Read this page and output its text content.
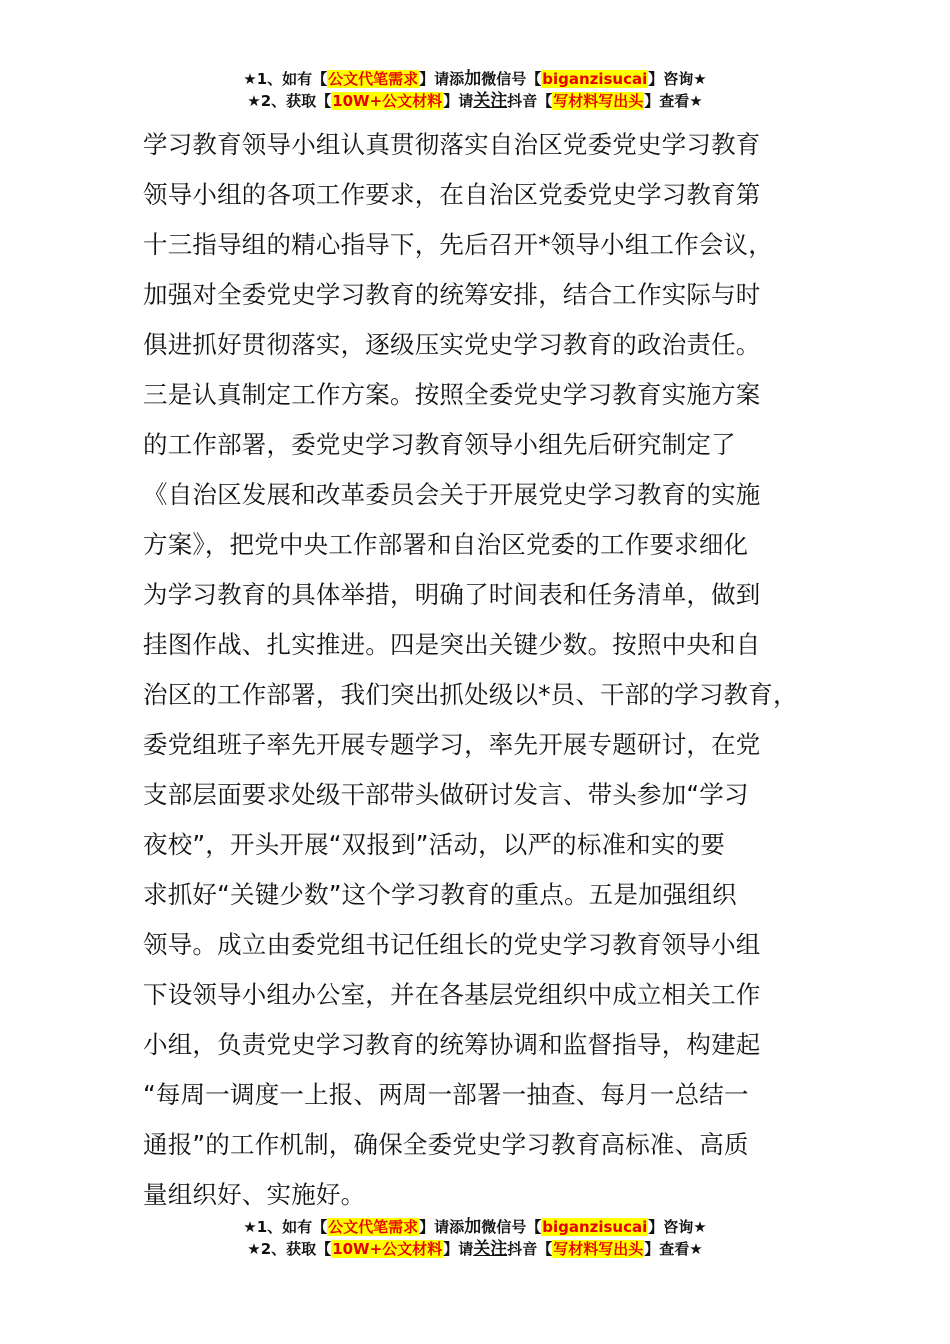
★1、如有【公文代笔需求】请添加微信号【biganzisucai】咨询★
★2、获取【10W+公文材料】请关注抖音【写材料写出头】查看★
学习教育领导小组认真贯彻落实自治区党委党史学习教育
领导小组的各项工作要求，在自治区党委党史学习教育第
十三指导组的精心指导下，先后召开*领导小组工作会议，
加强对全委党史学习教育的统筹安排，结合工作实际与时
俱进抓好贯彻落实，逐级压实党史学习教育的政治责任。
三是认真制定工作方案。按照全委党史学习教育实施方案
的工作部署，委党史学习教育领导小组先后研究制定了
《自治区发展和改革委员会关于开展党史学习教育的实施
方案》，把党中央工作部署和自治区党委的工作要求细化
为学习教育的具体举措，明确了时间表和任务清单，做到
挂图作战、扎实推进。四是突出关键少数。按照中央和自
治区的工作部署，我们突出抓处级以*员、干部的学习教育，
委党组班子率先开展专题学习，率先开展专题研讨，在党
支部层面要求处级干部带头做研讨发言、带头参加“学习
夜校”，开头开展“双报到”活动，以严的标准和实的要
求抓好“关键少数”这个学习教育的重点。五是加强组织
领导。成立由委党组书记任组长的党史学习教育领导小组
下设领导小组办公室，并在各基层党组织中成立相关工作
小组，负责党史学习教育的统筹协调和监督指导，构建起
“每周一调度一上报、两周一部署一抽查、每月一总结一
通报”的工作机制，确保全委党史学习教育高标准、高质
量组织好、实施好。
★1、如有【公文代笔需求】请添加微信号【biganzisucai】咨询★
★2、获取【10W+公文材料】请关注抖音【写材料写出头】查看★
